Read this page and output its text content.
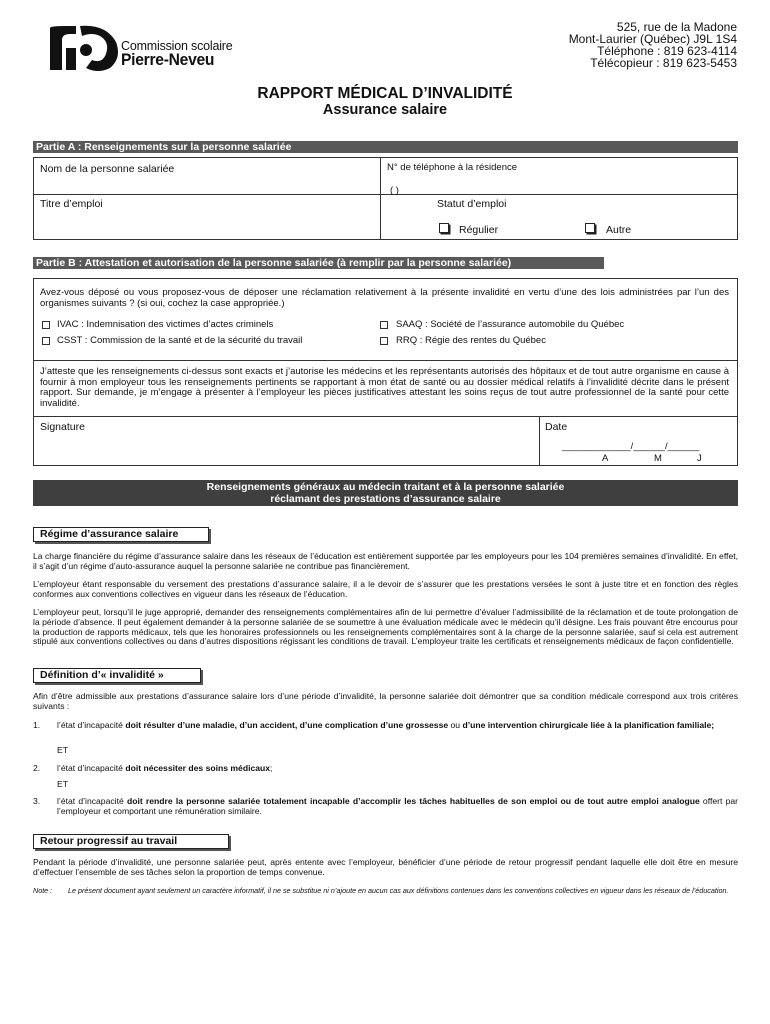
Commission scolaire
Pierre-Neveu
525, rue de la Madone
Mont-Laurier (Québec) J9L 1S4
Téléphone : 819 623-4114
Télécopieur : 819 623-5453
RAPPORT MÉDICAL D’INVALIDITÉ
Assurance salaire
Partie A : Renseignements sur la personne salariée
Nom de la personne salariée	N° de téléphone à la résidence
( )
Titre d’emploi	Statut d’emploi
Régulier	Autre
Partie B : Attestation et autorisation de la personne salariée (à remplir par la personne salariée)
Avez-vous déposé ou vous proposez-vous de déposer une réclamation relativement à la présente invalidité en vertu d’une des lois administrées par l’un des organismes suivants ? (si oui, cochez la case appropriée.)
IVAC : Indemnisation des victimes d’actes criminels	SAAQ : Société de l’assurance automobile du Québec
CSST : Commission de la santé et de la sécurité du travail	RRQ : Régie des rentes du Québec
J’atteste que les renseignements ci-dessus sont exacts et j’autorise les médecins et les représentants autorisés des hôpitaux et de tout autre organisme en cause à fournir à mon employeur tous les renseignements pertinents se rapportant à mon état de santé ou au dossier médical relatifs à l’invalidité décrite dans le présent rapport. Sur demande, je m’engage à présenter à l’employeur les pièces justificatives attestant les soins reçus de tout autre professionnel de la santé pour cette invalidité.
Signature	Date
_____________/______/______
A	M	J
Renseignements généraux au médecin traitant et à la personne salariée
réclamant des prestations d’assurance salaire
Régime d’assurance salaire
La charge financière du régime d’assurance salaire dans les réseaux de l’éducation est entièrement supportée par les employeurs pour les 104 premières semaines d’invalidité. En effet, il s’agit d’un régime d’auto-assurance auquel la personne salariée ne contribue pas financièrement.
L’employeur étant responsable du versement des prestations d’assurance salaire, il a le devoir de s’assurer que les prestations versées le sont à juste titre et en fonction des règles conformes aux conventions collectives en vigueur dans les réseaux de l’éducation.
L’employeur peut, lorsqu’il le juge approprié, demander des renseignements complémentaires afin de lui permettre d’évaluer l’admissibilité de la réclamation et de toute prolongation de la période d’absence. Il peut également demander à la personne salariée de se soumettre à une évaluation médicale avec le médecin qu’il désigne. Les frais pouvant être encourus pour la production de rapports médicaux, tels que les honoraires professionnels ou les renseignements complémentaires sont à la charge de la personne salariée, sauf si cela est autrement stipulé aux conventions collectives ou dans d’autres dispositions régissant les conditions de travail. L’employeur traite les certificats et renseignements médicaux de façon confidentielle.
Définition d’« invalidité »
Afin d’être admissible aux prestations d’assurance salaire lors d’une période d’invalidité, la personne salariée doit démontrer que sa condition médicale correspond aux trois critères suivants :
1. l’état d’incapacité doit résulter d’une maladie, d’un accident, d’une complication d’une grossesse ou d’une intervention chirurgicale liée à la planification familiale;
ET
2. l’état d’incapacité doit nécessiter des soins médicaux;
ET
3. l’état d’incapacité doit rendre la personne salariée totalement incapable d’accomplir les tâches habituelles de son emploi ou de tout autre emploi analogue offert par l’employeur et comportant une rémunération similaire.
Retour progressif au travail
Pendant la période d’invalidité, une personne salariée peut, après entente avec l’employeur, bénéficier d’une période de retour progressif pendant laquelle elle doit être en mesure d’effectuer l’ensemble de ses tâches selon la proportion de temps convenue.
Note : Le présent document ayant seulement un caractère informatif, il ne se substitue ni n’ajoute en aucun cas aux définitions contenues dans les conventions collectives en vigueur dans les réseaux de l’éducation.
